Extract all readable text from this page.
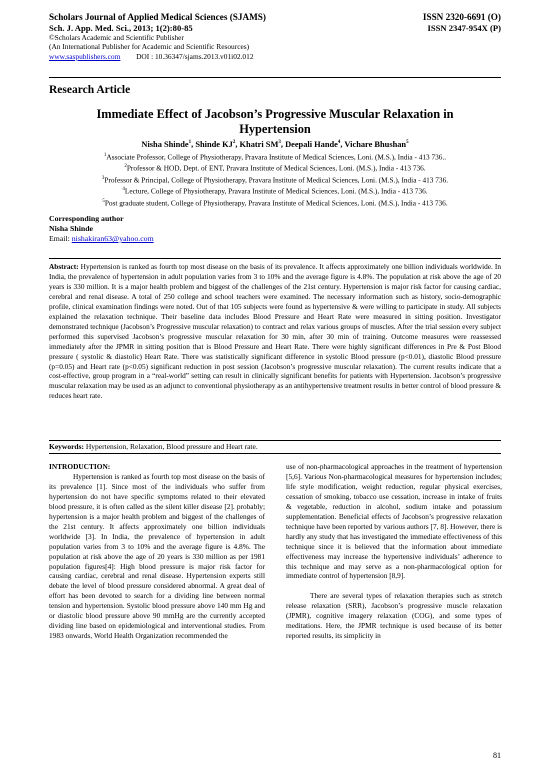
Scholars Journal of Applied Medical Sciences (SJAMS)	ISSN 2320-6691 (O)
Sch. J. App. Med. Sci., 2013; 1(2):80-85	ISSN 2347-954X (P)
©Scholars Academic and Scientific Publisher
(An International Publisher for Academic and Scientific Resources)
www.saspublishers.com DOI : 10.36347/sjams.2013.v01i02.012
Research Article
Immediate Effect of Jacobson’s Progressive Muscular Relaxation in
Hypertension
Nisha Shinde$^1$, Shinde $KJ^2$, Khatri $SM^3$, Deepali Hande$^4$, Vichare Bhushan$^5$
$^1$Associate Professor, College of Physiotherapy, Pravara Institute of Medical Sciences, Loni. (M.S.), India - 413 736..
$^2$Professor & HOD, Dept. of ENT, Pravara Institute of Medical Sciences, Loni. (M.S.), India - 413 736.
$^3$Professor & Principal, College of Physiotherapy, Pravara Institute of Medical Sciences, Loni. (M.S.), India - 413 736.
$^4$Lecture, College of Physiotherapy, Pravara Institute of Medical Sciences, Loni. (M.S.), India - 413 736.
$^5$Post graduate student, College of Physiotherapy, Pravara Institute of Medical Sciences, Loni. (M.S.), India - 413 736.
Corresponding author
Nisha Shinde
Email: nishakiran63@yahoo.com
Abstract: Hypertension is ranked as fourth top most disease on the basis of its prevalence. It affects approximately one billion individuals worldwide. In India, the prevalence of hypertension in adult population varies from 3 to 10% and the average figure is 4.8%. The population at risk above the age of 20 years is 330 million. It is a major health problem and biggest of the challenges of the 21st century. Hypertension is major risk factor for causing cardiac, cerebral and renal disease. A total of 250 college and school teachers were examined. The necessary information such as history, socio-demographic profile, clinical examination findings were noted. Out of that 105 subjects were found as hypertensive & were willing to participate in study. All subjects explained the relaxation technique. Their baseline data includes Blood Pressure and Heart Rate were measured in sitting position. Investigator demonstrated technique (Jacobson’s Progressive muscular relaxation) to contract and relax various groups of muscles. After the trial session every subject performed this supervised Jacobson’s progressive muscular relaxation for 30 min, after 30 min of training. Outcome measures were reassessed immediately after the JPMR in sitting position that is Blood Pressure and Heart Rate. There were highly significant differences in Pre & Post Blood pressure ( systolic & diastolic) Heart Rate. There was statistically significant difference in systolic Blood pressure (p<0.01), diastolic Blood pressure (p=0.05) and Heart rate (p<0.05) significant reduction in post session (Jacobson’s progressive muscular relaxation). The current results indicate that a cost-effective, group program in a “real-world” setting can result in clinically significant benefits for patients with Hypertension. Jacobson’s progressive muscular relaxation may be used as an adjunct to conventional physiotherapy as an antihypertensive treatment results in better control of blood pressure & reduces heart rate.
Keywords: Hypertension, Relaxation, Blood pressure and Heart rate.

INTRODUCTION:

Hypertension is ranked as fourth top most disease on the basis of its prevalence [1]. Since most of the individuals who suffer from hypertension do not have specific symptoms related to their elevated blood pressure, it is often called as the silent killer disease [2]. probably; hypertension is a major health problem and biggest of the challenges of the 21st century. It affects approximately one billion individuals worldwide [3]. In India, the prevalence of hypertension in adult population varies from 3 to 10% and the average figure is 4.8%. The population at risk above the age of 20 years is 330 million as per 1981 population figures[4]: High blood pressure is major risk factor for causing cardiac, cerebral and renal disease. Hypertension experts still debate the level of blood pressure considered abnormal. A great deal of effort has been devoted to search for a dividing line between normal tension and hypertension. Systolic blood pressure above 140 mm Hg and or diastolic blood pressure above 90 mmHg are the currently accepted dividing line based on epidemiological and interventional studies. From 1983 onwards, World Health Organization recommended the

use of non-pharmacological approaches in the treatment of hypertension [5,6]. Various Non-pharmacological measures for hypertension includes; life style modification, weight reduction, regular physical exercises, cessation of smoking, tobacco use cessation, increase in intake of fruits & vegetable, reduction in alcohol, sodium intake and potassium supplementation. Beneficial effects of Jacobson’s progressive relaxation technique have been reported by various authors [7, 8]. However, there is hardly any study that has investigated the immediate effectiveness of this technique since it is believed that the information about immediate effectiveness may increase the hypertensive individuals’ adherence to this technique and may serve as a non-pharmacological option for immediate control of hypertension [8,9].

There are several types of relaxation therapies such as stretch release relaxation (SRR), Jacobson’s progressive muscle relaxation (JPMR), cognitive imagery relaxation (COG), and some types of meditations. Here, the JPMR technique is used because of its better reported results, its simplicity in

81
